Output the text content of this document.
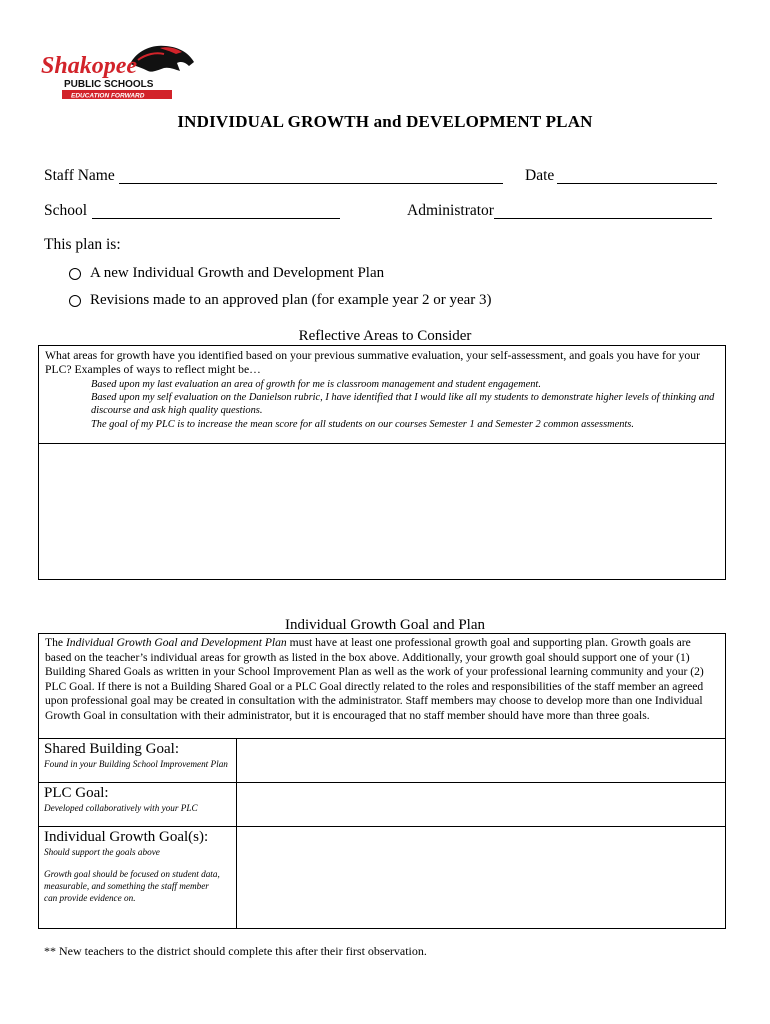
Shakopee
PUBLIC SCHOOLS
EDUCATION FORWARD
INDIVIDUAL GROWTH and DEVELOPMENT PLAN
Staff Name	Date
School	Administrator
This plan is:
A new Individual Growth and Development Plan
Revisions made to an approved plan (for example year 2 or year 3)
Reflective Areas to Consider
What areas for growth have you identified based on your previous summative evaluation, your self-assessment, and goals you have for your PLC? Examples of ways to reflect might be…
Based upon my last evaluation an area of growth for me is classroom management and student engagement.
Based upon my self evaluation on the Danielson rubric, I have identified that I would like all my students to demonstrate higher levels of thinking and discourse and ask high quality questions.
The goal of my PLC is to increase the mean score for all students on our courses Semester 1 and Semester 2 common assessments.
Individual Growth Goal and Plan
The Individual Growth Goal and Development Plan must have at least one professional growth goal and supporting plan. Growth goals are based on the teacher’s individual areas for growth as listed in the box above. Additionally, your growth goal should support one of your (1) Building Shared Goals as written in your School Improvement Plan as well as the work of your professional learning community and your (2) PLC Goal. If there is not a Building Shared Goal or a PLC Goal directly related to the roles and responsibilities of the staff member an agreed upon professional goal may be created in consultation with the administrator. Staff members may choose to develop more than one Individual Growth Goal in consultation with their administrator, but it is encouraged that no staff member should have more than three goals.
Shared Building Goal:
Found in your Building School Improvement Plan	

PLC Goal:
Developed collaboratively with your PLC	

Individual Growth Goal(s):
Should support the goals above
Growth goal should be focused on student data, measurable, and something the staff member can provide evidence on.	

** New teachers to the district should complete this after their first observation.
